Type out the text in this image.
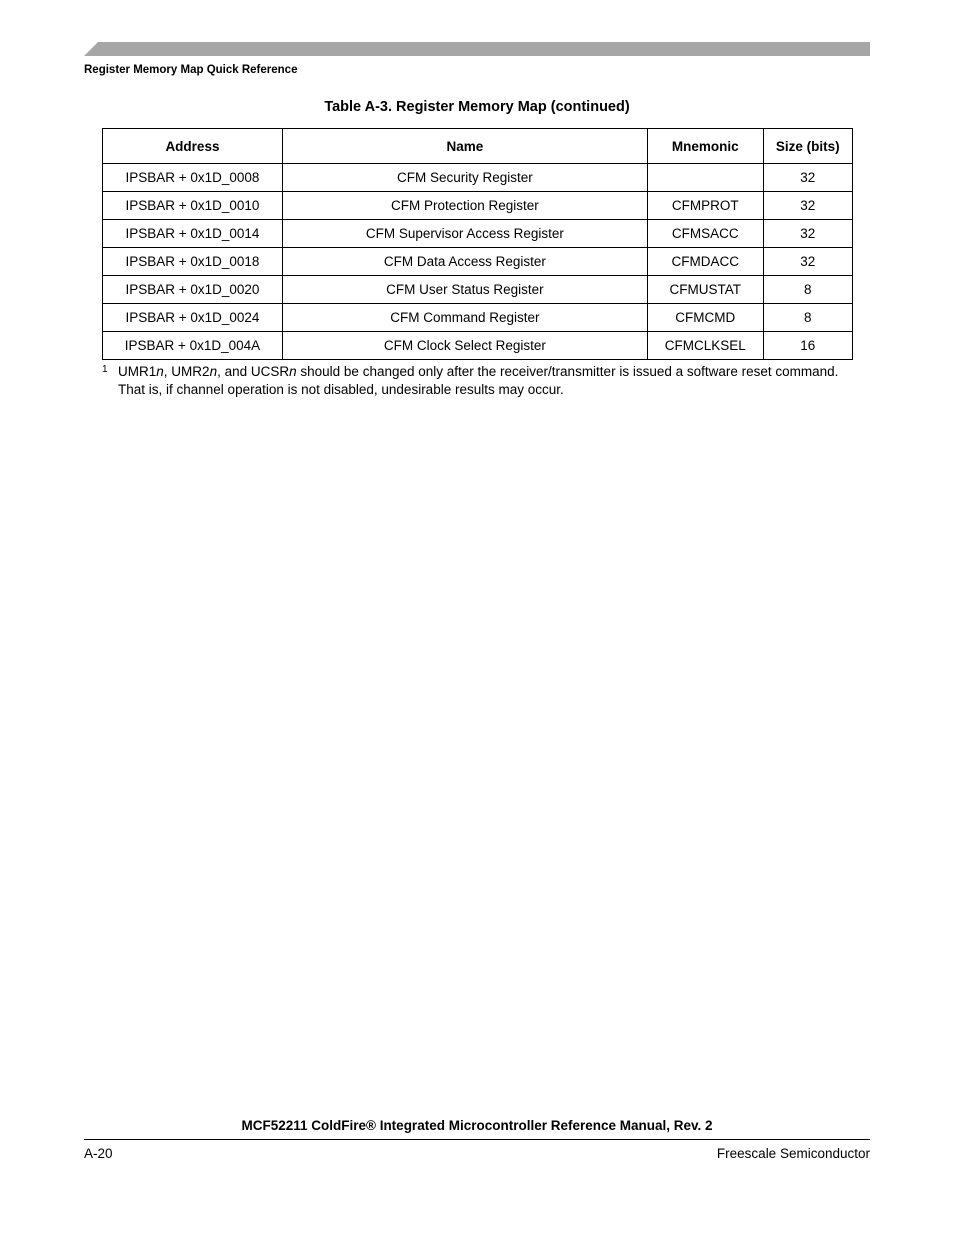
Register Memory Map Quick Reference
Table A-3. Register Memory Map (continued)
Address	Name	Mnemonic	Size (bits)
IPSBAR + 0x1D_0008	CFM Security Register		32
IPSBAR + 0x1D_0010	CFM Protection Register	CFMPROT	32
IPSBAR + 0x1D_0014	CFM Supervisor Access Register	CFMSACC	32
IPSBAR + 0x1D_0018	CFM Data Access Register	CFMDACC	32
IPSBAR + 0x1D_0020	CFM User Status Register	CFMUSTAT	8
IPSBAR + 0x1D_0024	CFM Command Register	CFMCMD	8
IPSBAR + 0x1D_004A	CFM Clock Select Register	CFMCLKSEL	16
1 UMR1n, UMR2n, and UCSRn should be changed only after the receiver/transmitter is issued a software reset command. That is, if channel operation is not disabled, undesirable results may occur.
MCF52211 ColdFire® Integrated Microcontroller Reference Manual, Rev. 2
A-20	Freescale Semiconductor
